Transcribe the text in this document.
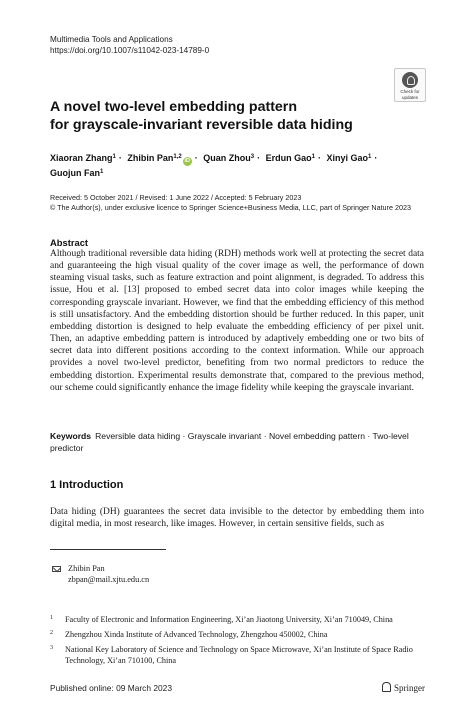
Multimedia Tools and Applications
https://doi.org/10.1007/s11042-023-14789-0
Check for
updates
A novel two-level embedding pattern
for grayscale-invariant reversible data hiding
Xiaoran Zhang$^1$ · Zhibin Pan$^{1,2}$iD · Quan Zhou$^3$ · Erdun Gao$^1$ · Xinyi Gao$^1$ ·
Guojun Fan$^1$
Received: 5 October 2021 / Revised: 1 June 2022 / Accepted: 5 February 2023
© The Author(s), under exclusive licence to Springer Science+Business Media, LLC, part of Springer Nature 2023
Abstract
Although traditional reversible data hiding (RDH) methods work well at protecting the secret data and guaranteeing the high visual quality of the cover image as well, the performance of down steaming visual tasks, such as feature extraction and point alignment, is degraded. To address this issue, Hou et al. [13] proposed to embed secret data into color images while keeping the corresponding grayscale invariant. However, we find that the embedding efficiency of this method is still unsatisfactory. And the embedding distortion should be further reduced. In this paper, unit embedding distortion is designed to help evaluate the embedding efficiency of per pixel unit. Then, an adaptive embedding pattern is introduced by adaptively embedding one or two bits of secret data into different positions according to the context information. While our approach provides a novel two-level predictor, benefiting from two normal predictors to reduce the embedding distortion. Experimental results demonstrate that, compared to the previous method, our scheme could significantly enhance the image fidelity while keeping the grayscale invariant.
Keywords Reversible data hiding · Grayscale invariant · Novel embedding pattern · Two-level predictor
1 Introduction
Data hiding (DH) guarantees the secret data invisible to the detector by embedding them into digital media, in most research, like images. However, in certain sensitive fields, such as
Zhibin Pan
zbpan@mail.xjtu.edu.cn
1 Faculty of Electronic and Information Engineering, Xi’an Jiaotong University, Xi’an 710049, China
2 Zhengzhou Xinda Institute of Advanced Technology, Zhengzhou 450002, China
3 National Key Laboratory of Science and Technology on Space Microwave, Xi’an Institute of Space Radio Technology, Xi’an 710100, China
Published online: 09 March 2023	Springer
